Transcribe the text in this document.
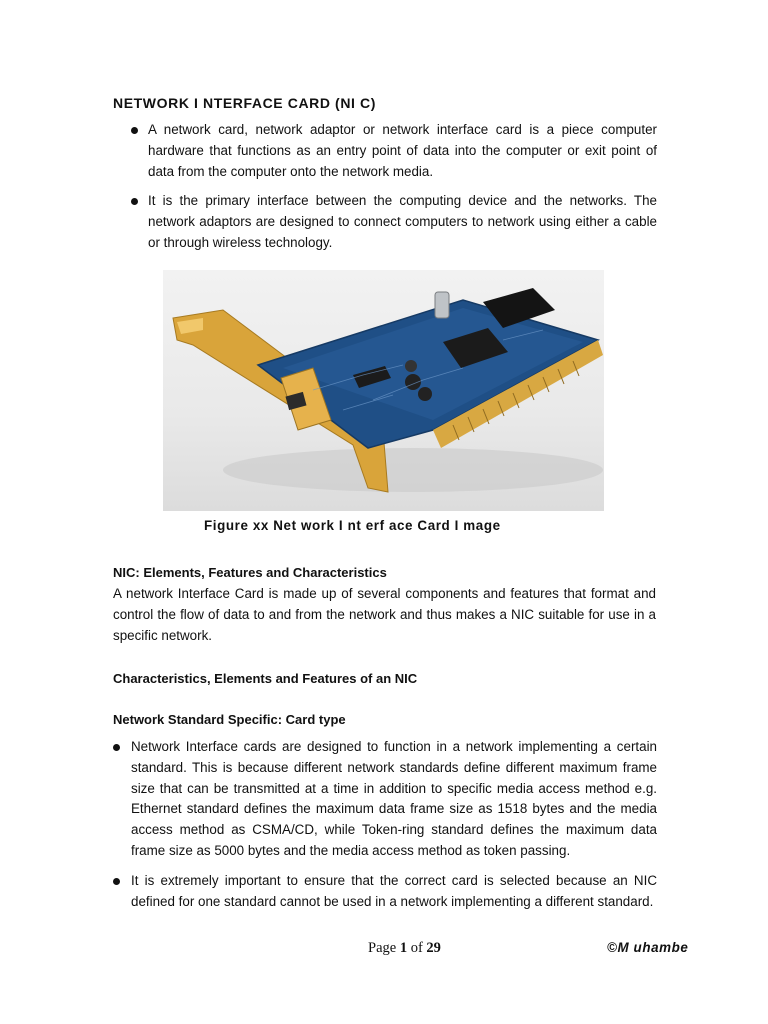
NETWORK I NTERFACE CARD (NI C)
A network card, network adaptor or network interface card is a piece computer hardware that functions as an entry point of data into the computer or exit point of data from the computer onto the network media.
It is the primary interface between the computing device and the networks. The network adaptors are designed to connect computers to network using either a cable or through wireless technology.

Figure xx Net work I nt erf ace Card I mage

NIC: Elements, Features and Characteristics

A network Interface Card is made up of several components and features that format and control the flow of data to and from the network and thus makes a NIC suitable for use in a specific network.

Characteristics, Elements and Features of an NIC
Network Standard Specific: Card type
Network Interface cards are designed to function in a network implementing a certain standard. This is because different network standards define different maximum frame size that can be transmitted at a time in addition to specific media access method e.g. Ethernet standard defines the maximum data frame size as 1518 bytes and the media access method as CSMA/CD, while Token-ring standard defines the maximum data frame size as 5000 bytes and the media access method as token passing.
It is extremely important to ensure that the correct card is selected because an NIC defined for one standard cannot be used in a network implementing a different standard.

Page 1 of 29	©M uhambe
